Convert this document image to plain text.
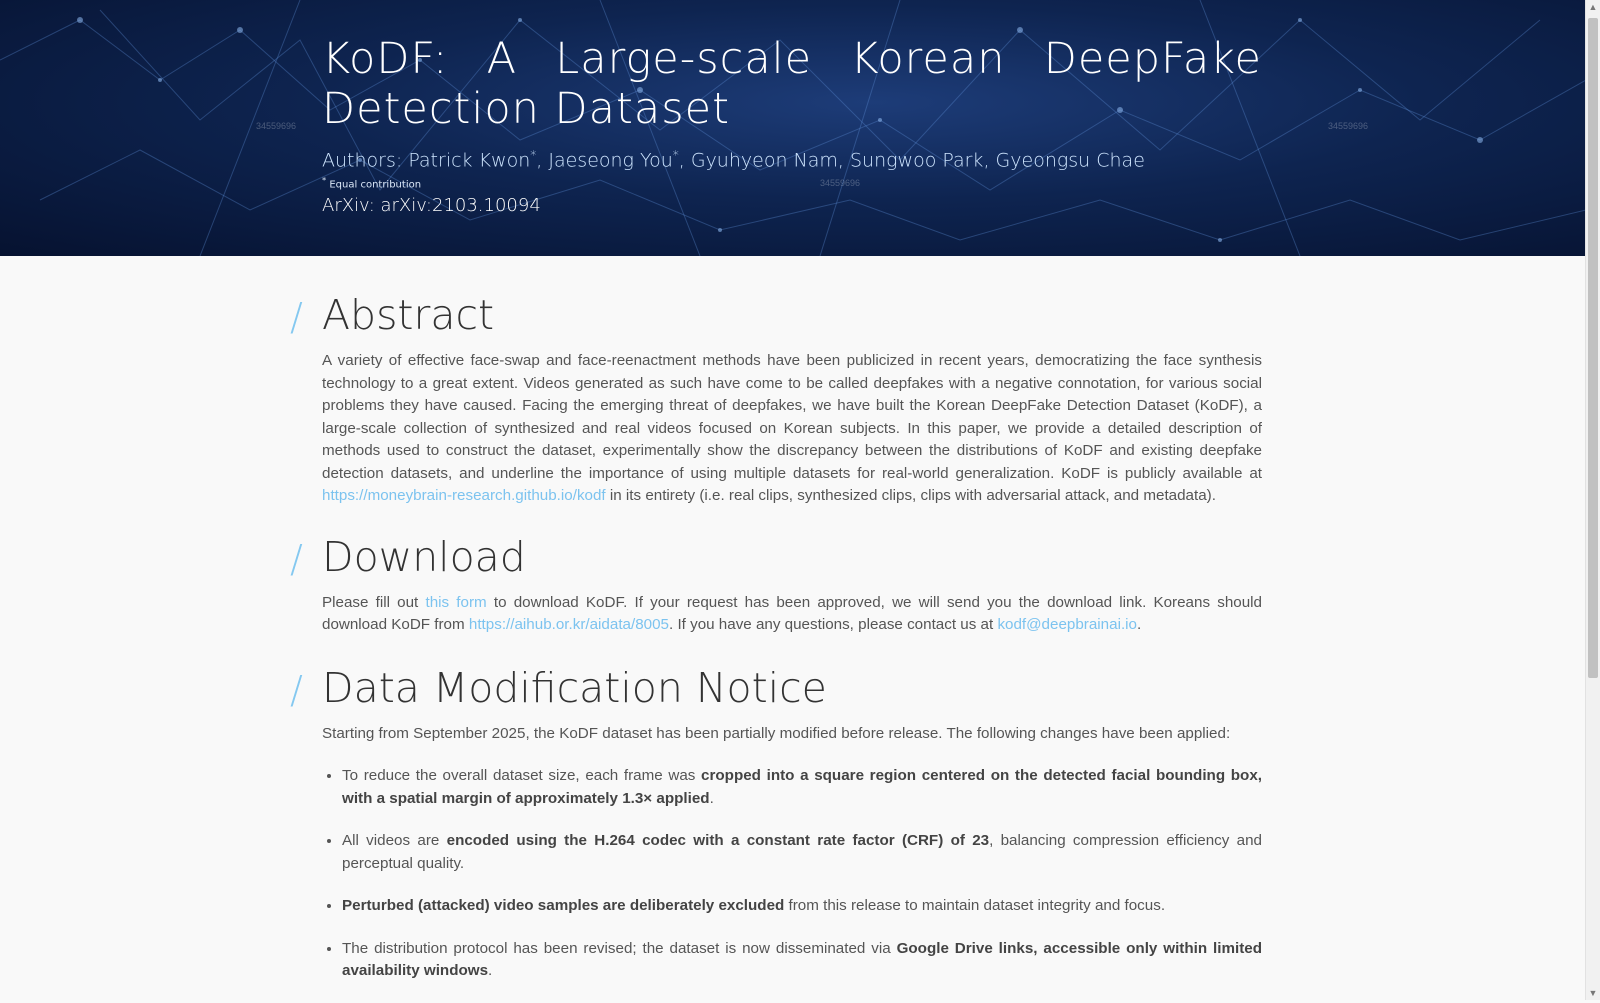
34559696
34559696
34559696
KoDF: A Large-scale Korean DeepFake Detection Dataset
Authors: Patrick Kwon*, Jaeseong You*, Gyuhyeon Nam, Sungwoo Park, Gyeongsu Chae
* Equal contribution
ArXiv: arXiv:2103.10094
/ Abstract

A variety of effective face-swap and face-reenactment methods have been publicized in recent years, democratizing the face synthesis technology to a great extent. Videos generated as such have come to be called deepfakes with a negative connotation, for various social problems they have caused. Facing the emerging threat of deepfakes, we have built the Korean DeepFake Detection Dataset (KoDF), a large-scale collection of synthesized and real videos focused on Korean subjects. In this paper, we provide a detailed description of methods used to construct the dataset, experimentally show the discrepancy between the distributions of KoDF and existing deepfake detection datasets, and underline the importance of using multiple datasets for real-world generalization. KoDF is publicly available at https://moneybrain-research.github.io/kodf in its entirety (i.e. real clips, synthesized clips, clips with adversarial attack, and metadata).

/ Download

Please fill out this form to download KoDF. If your request has been approved, we will send you the download link. Koreans should download KoDF from https://aihub.or.kr/aidata/8005. If you have any questions, please contact us at kodf@deepbrainai.io.

/ Data Modification Notice

Starting from September 2025, the KoDF dataset has been partially modified before release. The following changes have been applied:

• To reduce the overall dataset size, each frame was cropped into a square region centered on the detected facial bounding box, with a spatial margin of approximately 1.3× applied.
• All videos are encoded using the H.264 codec with a constant rate factor (CRF) of 23, balancing compression efficiency and perceptual quality.
• Perturbed (attacked) video samples are deliberately excluded from this release to maintain dataset integrity and focus.
• The distribution protocol has been revised; the dataset is now disseminated via Google Drive links, accessible only within limited availability windows.
▲
▼
